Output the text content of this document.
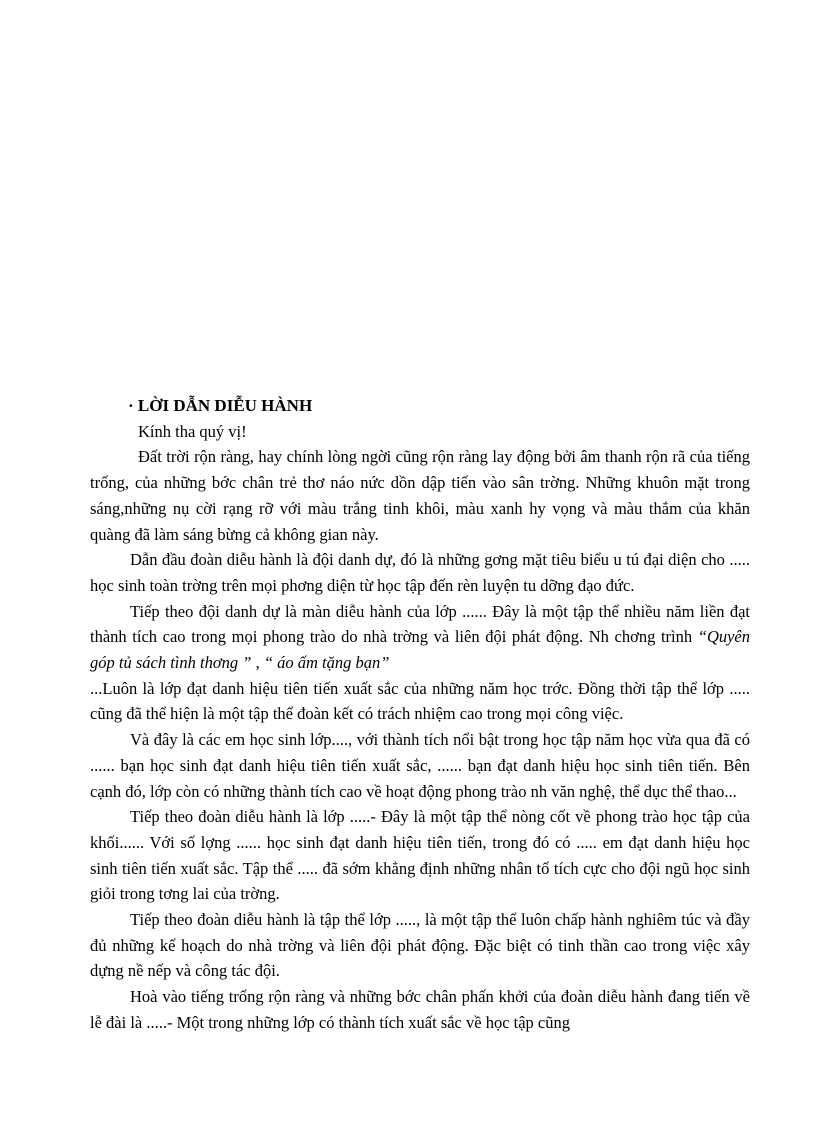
· LỜI DẪN DIỄU HÀNH
Kính tha quý vị!

Đất trời rộn ràng, hay chính lòng ngời cũng rộn ràng lay động bởi âm thanh rộn rã của tiếng trống, của những bớc chân trẻ thơ náo nức dồn dập tiến vào sân trờng. Những khuôn mặt trong sáng,những nụ cời rạng rỡ với màu trắng tinh khôi, màu xanh hy vọng và màu thắm của khăn quàng đã làm sáng bừng cả không gian này.

Dẫn đầu đoàn diễu hành là đội danh dự, đó là những gơng mặt tiêu biểu u tú đại diện cho ..... học sinh toàn trờng trên mọi phơng diện từ học tập đến rèn luyện tu dỡng đạo đức.

Tiếp theo đội danh dự là màn diễu hành của lớp ...... Đây là một tập thể nhiều năm liền đạt thành tích cao trong mọi phong trào do nhà trờng và liên đội phát động. Nh chơng trình “Quyên góp tủ sách tình thơng ” , “ áo ấm tặng bạn”

...Luôn là lớp đạt danh hiệu tiên tiến xuất sắc của những năm học trớc. Đồng thời tập thể lớp ..... cũng đã thể hiện là một tập thể đoàn kết có trách nhiệm cao trong mọi công việc.

Và đây là các em học sinh lớp...., với thành tích nổi bật trong học tập năm học vừa qua đã có ...... bạn học sinh đạt danh hiệu tiên tiến xuất sắc, ...... bạn đạt danh hiệu học sinh tiên tiến. Bên cạnh đó, lớp còn có những thành tích cao về hoạt động phong trào nh văn nghệ, thể dục thể thao...

Tiếp theo đoàn diễu hành là lớp .....- Đây là một tập thể nòng cốt về phong trào học tập của khối...... Với số lợng ...... học sinh đạt danh hiệu tiên tiến, trong đó có ..... em đạt danh hiệu học sinh tiên tiến xuất sắc. Tập thể ..... đã sớm khẳng định những nhân tố tích cực cho đội ngũ học sinh giỏi trong tơng lai của trờng.

Tiếp theo đoàn diễu hành là tập thể lớp ....., là một tập thể luôn chấp hành nghiêm túc và đầy đủ những kế hoạch do nhà trờng và liên đội phát động. Đặc biệt có tinh thần cao trong việc xây dựng nề nếp và công tác đội.

Hoà vào tiếng trống rộn ràng và những bớc chân phấn khởi của đoàn diễu hành đang tiến về lễ đài là .....- Một trong những lớp có thành tích xuất sắc về học tập cũng
